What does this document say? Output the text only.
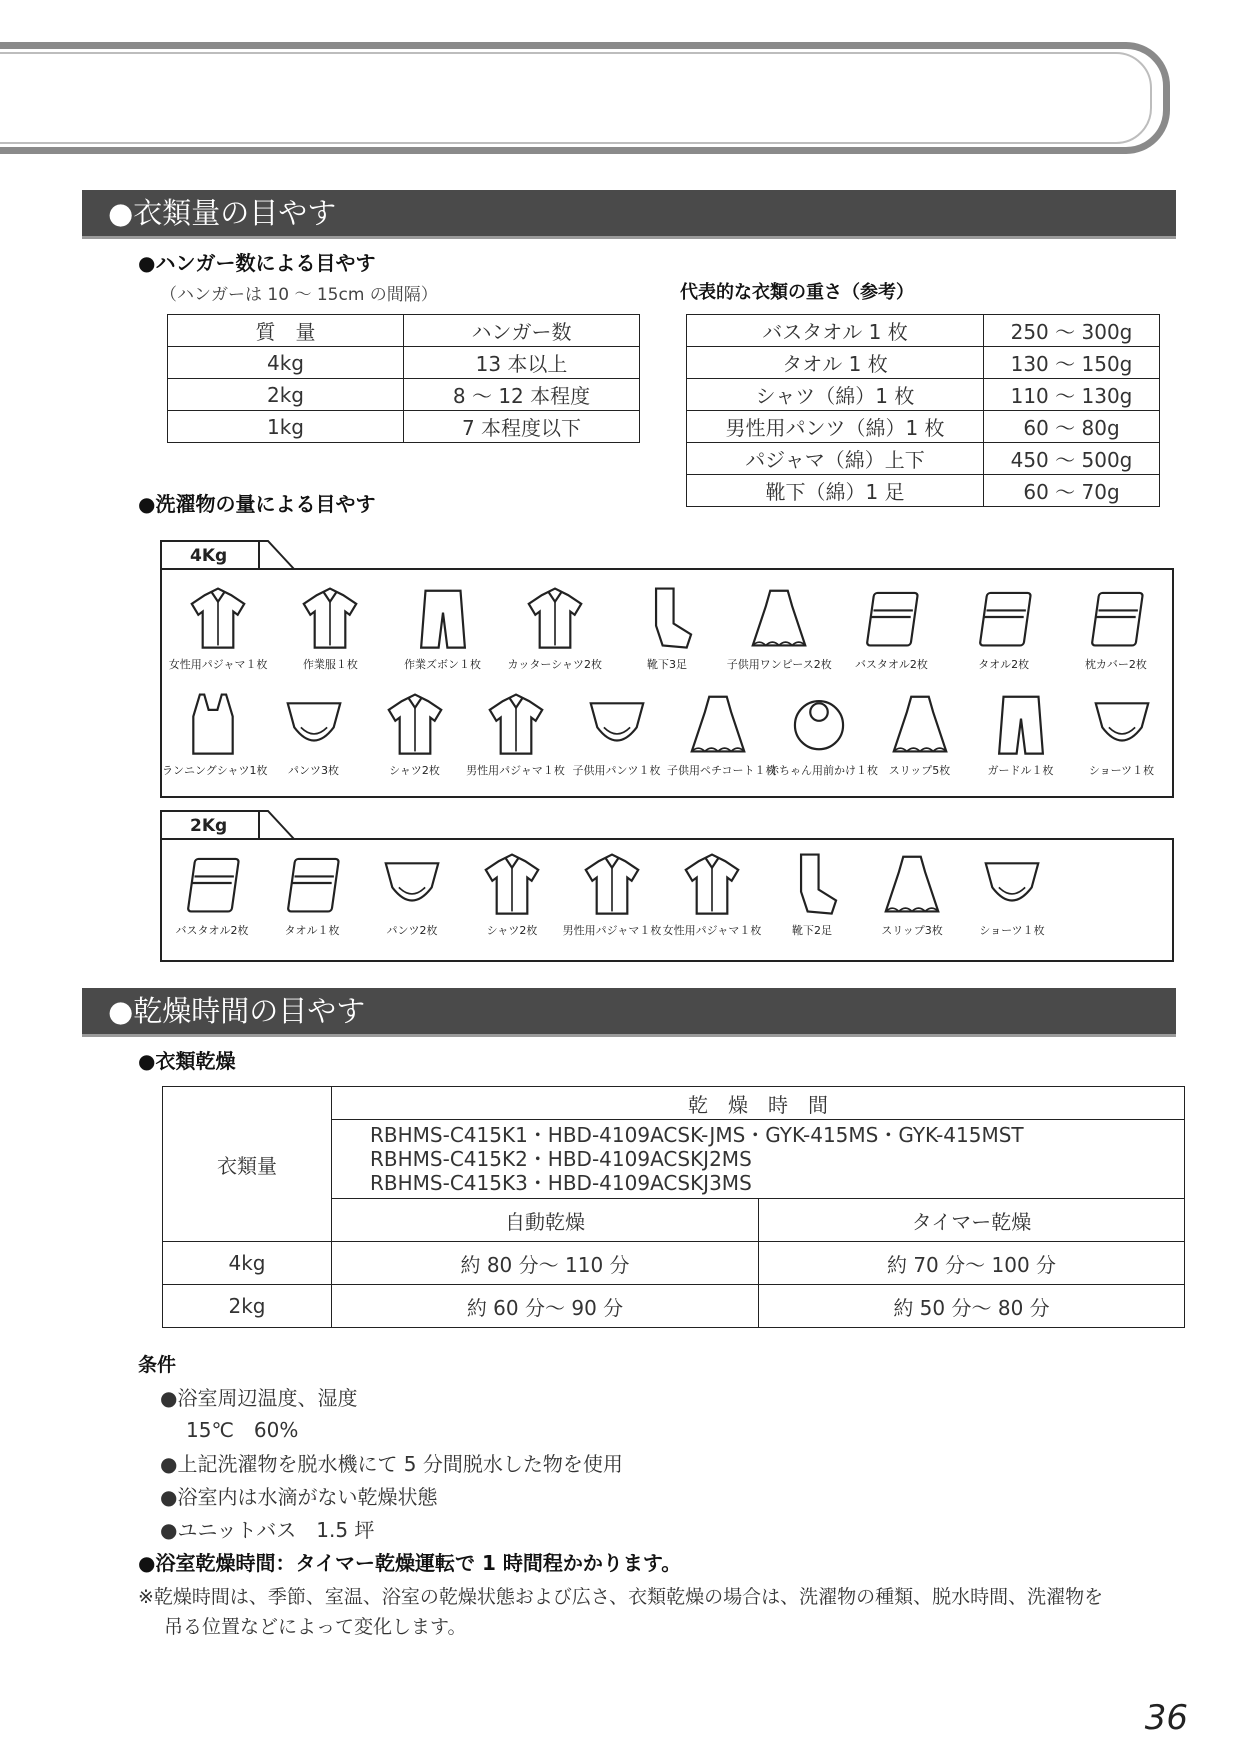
●衣類量の目やす
●ハンガー数による目やす
（ハンガーは 10 ～ 15cm の間隔）
質　量	ハンガー数
4kg	13 本以上
2kg	8 ～ 12 本程度
1kg	7 本程度以下
代表的な衣類の重さ（参考）
バスタオル 1 枚	250 ～ 300g
タオル 1 枚	130 ～ 150g
シャツ（綿）1 枚	110 ～ 130g
男性用パンツ（綿）1 枚	60 ～ 80g
パジャマ（綿）上下	450 ～ 500g
靴下（綿）1 足	60 ～ 70g
●洗濯物の量による目やす
4Kg
女性用パジャマ１枚	作業服１枚	作業ズボン１枚	カッターシャツ2枚	靴下3足	子供用ワンピース2枚	バスタオル2枚	タオル2枚	枕カバー2枚
ランニングシャツ1枚	パンツ3枚	シャツ2枚	男性用パジャマ１枚 子供用パンツ１枚 子供用ペチコート１枚
赤ちゃん用前かけ１枚 スリップ5枚	ガードル１枚	ショーツ１枚
2Kg
バスタオル2枚	タオル１枚	パンツ2枚	シャツ2枚	男性用パジャマ１枚 女性用パジャマ１枚	靴下2足	スリップ3枚	ショーツ１枚
●乾燥時間の目やす
●衣類乾燥
衣類量	乾　燥　時　間	

	RBHMS-C415K1・HBD-4109ACSK-JMS・GYK-415MS・GYK-415MST
RBHMS-C415K2・HBD-4109ACSKJ2MS
RBHMS-C415K3・HBD-4109ACSKJ3MS	

	自動乾燥	タイマー乾燥
4kg	約 80 分～ 110 分	約 70 分～ 100 分
2kg	約 60 分～ 90 分	約 50 分～ 80 分
条件
●浴室周辺温度、湿度
15℃　60%
●上記洗濯物を脱水機にて 5 分間脱水した物を使用
●浴室内は水滴がない乾燥状態
●ユニットバス　1.5 坪
●浴室乾燥時間：タイマー乾燥運転で 1 時間程かかります。
※乾燥時間は、季節、室温、浴室の乾燥状態および広さ、衣類乾燥の場合は、洗濯物の種類、脱水時間、洗濯物を
吊る位置などによって変化します。
36
